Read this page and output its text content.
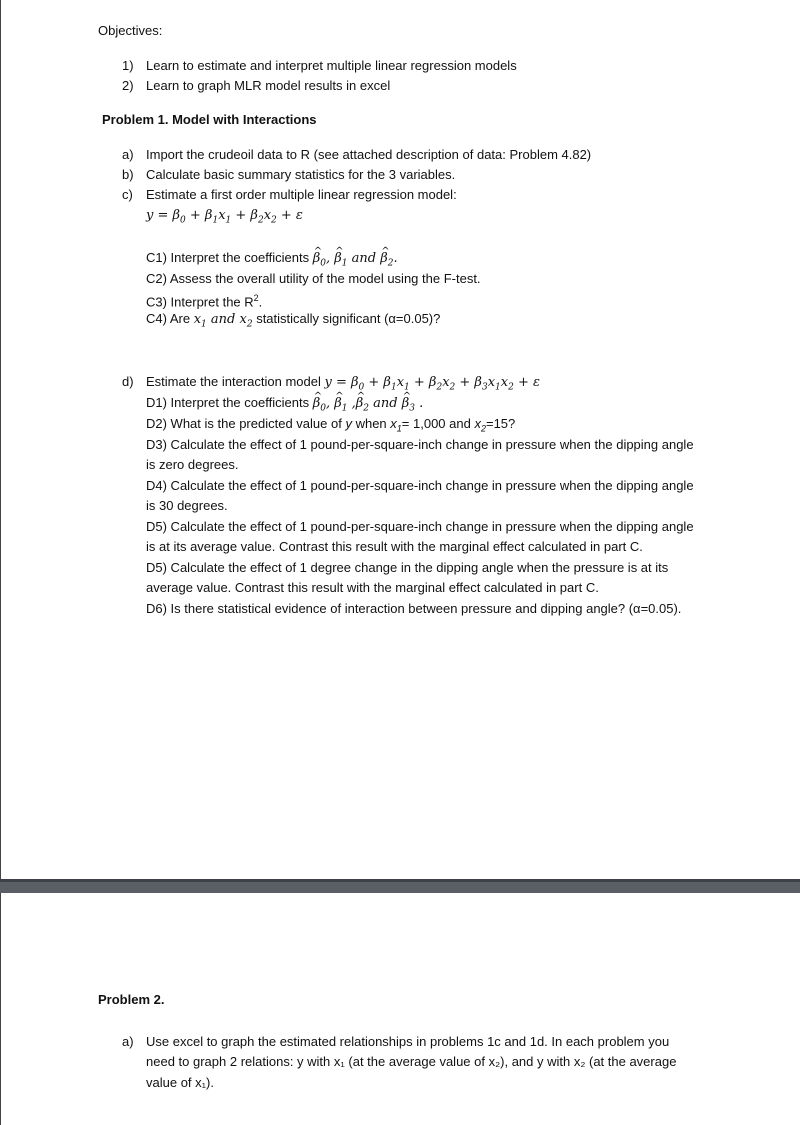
Objectives:
1) Learn to estimate and interpret multiple linear regression models
2) Learn to graph MLR model results in excel
Problem 1. Model with Interactions
a) Import the crudeoil data to R (see attached description of data: Problem 4.82)
b) Calculate basic summary statistics for the 3 variables.
c) Estimate a first order multiple linear regression model:
$y = \beta_0 + \beta_1x_1 + \beta_2x_2 + \varepsilon$
C1) Interpret the coefficients β $\^{}_0$, β $\^{}_1$ and β $\^{}_2$.
C2) Assess the overall utility of the model using the F-test.
C3) Interpret the $R^2$.
C4) Are $x_1$ and $x_2$ statistically significant (α=0.05)?
d) Estimate the interaction model $y = \beta_0 + \beta_1x_1 + \beta_2x_2 + \beta_3x_1x_2 + \varepsilon$
D1) Interpret the coefficients β $\^{}_0$, β $\^{}_1$ ,β $\^{}_2$ and β $\^{}_3$ .
D2) What is the predicted value of y when $x_1= 1,000$ and $x_2=15$?
D3) Calculate the effect of 1 pound-per-square-inch change in pressure when the dipping angle
is zero degrees.
D4) Calculate the effect of 1 pound-per-square-inch change in pressure when the dipping angle
is 30 degrees.
D5) Calculate the effect of 1 pound-per-square-inch change in pressure when the dipping angle
is at its average value. Contrast this result with the marginal effect calculated in part C.
D5) Calculate the effect of 1 degree change in the dipping angle when the pressure is at its
average value. Contrast this result with the marginal effect calculated in part C.
D6) Is there statistical evidence of interaction between pressure and dipping angle? (α=0.05).
Problem 2.
a) Use excel to graph the estimated relationships in problems 1c and 1d. In each problem you
need to graph 2 relations: y with x₁ (at the average value of x₂), and y with x₂ (at the average
value of x₁).
